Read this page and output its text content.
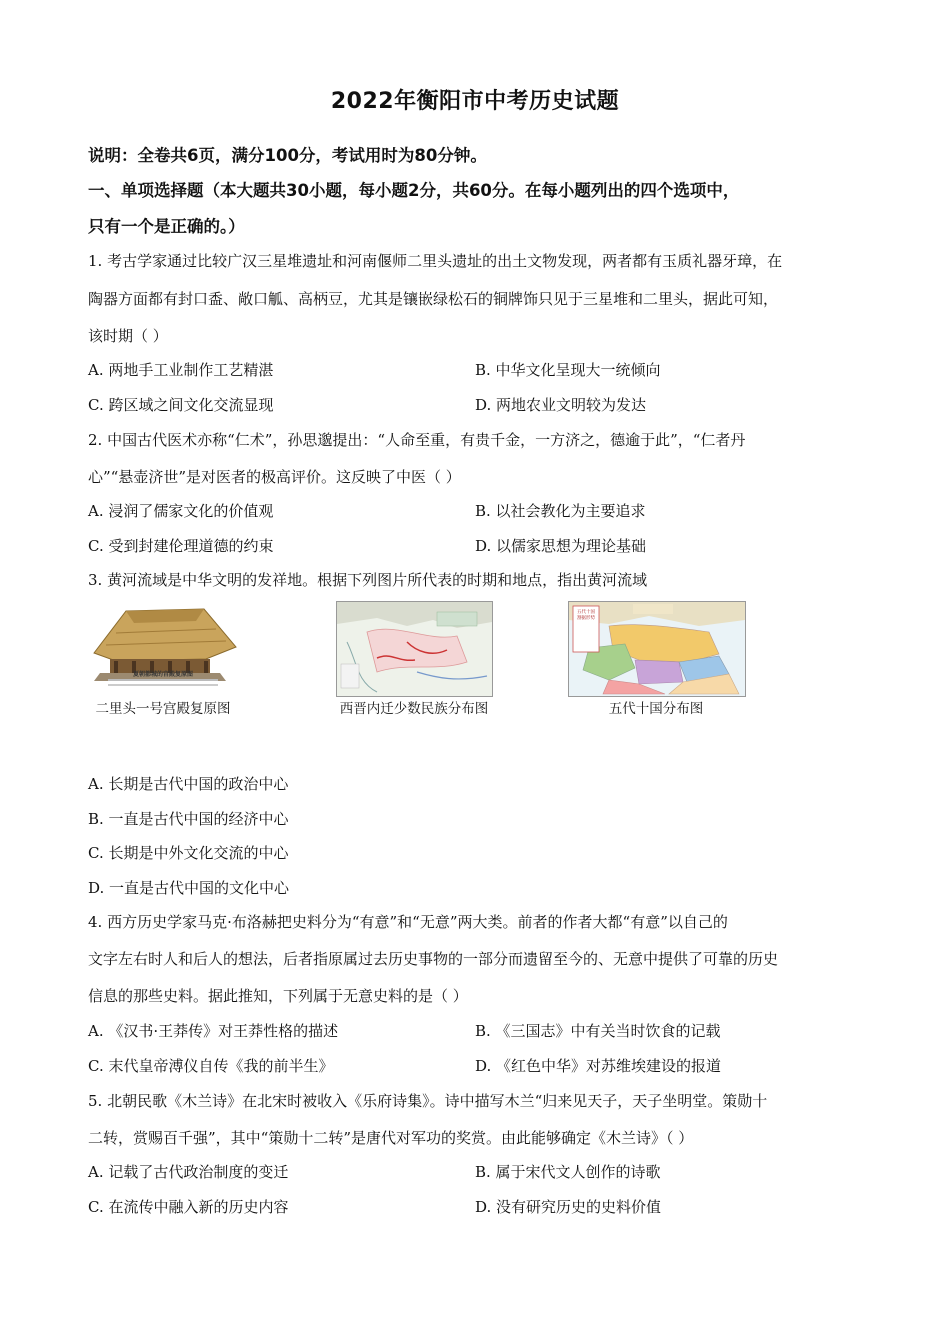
2022年衡阳市中考历史试题
说明：全卷共6页，满分100分，考试用时为80分钟。
一、单项选择题（本大题共30小题，每小题2分，共60分。在每小题列出的四个选项中，
只有一个是正确的。）
1. 考古学家通过比较广汉三星堆遗址和河南偃师二里头遗址的出土文物发现，两者都有玉质礼器牙璋，在
陶器方面都有封口盉、敞口觚、高柄豆，尤其是镶嵌绿松石的铜牌饰只见于三星堆和二里头，据此可知，
该时期（ ）
A. 两地手工业制作工艺精湛	B. 中华文化呈现大一统倾向
C. 跨区域之间文化交流显现	D. 两地农业文明较为发达
2. 中国古代医术亦称“仁术”，孙思邈提出：“人命至重，有贵千金，一方济之，德逾于此”，“仁者丹
心”“悬壶济世”是对医者的极高评价。这反映了中医（ ）
A. 浸润了儒家文化的价值观	B. 以社会教化为主要追求
C. 受到封建伦理道德的约束	D. 以儒家思想为理论基础
3. 黄河流域是中华文明的发祥地。根据下列图片所代表的时期和地点，指出黄河流域
夏朝都城的宫殿复原图
二里头一号宫殿复原图	西晋内迁少数民族分布图
五代十国割据形势
五代十国分布图
A. 长期是古代中国的政治中心
B. 一直是古代中国的经济中心
C. 长期是中外文化交流的中心
D. 一直是古代中国的文化中心
4. 西方历史学家马克·布洛赫把史料分为“有意”和“无意”两大类。前者的作者大都“有意”以自己的
文字左右时人和后人的想法，后者指原属过去历史事物的一部分而遗留至今的、无意中提供了可靠的历史
信息的那些史料。据此推知，下列属于无意史料的是（ ）
A. 《汉书·王莽传》对王莽性格的描述	B. 《三国志》中有关当时饮食的记载
C. 末代皇帝溥仪自传《我的前半生》	D. 《红色中华》对苏维埃建设的报道
5. 北朝民歌《木兰诗》在北宋时被收入《乐府诗集》。诗中描写木兰“归来见天子，天子坐明堂。策勋十
二转，赏赐百千强”，其中“策勋十二转”是唐代对军功的奖赏。由此能够确定《木兰诗》（ ）
A. 记载了古代政治制度的变迁	B. 属于宋代文人创作的诗歌
C. 在流传中融入新的历史内容	D. 没有研究历史的史料价值
